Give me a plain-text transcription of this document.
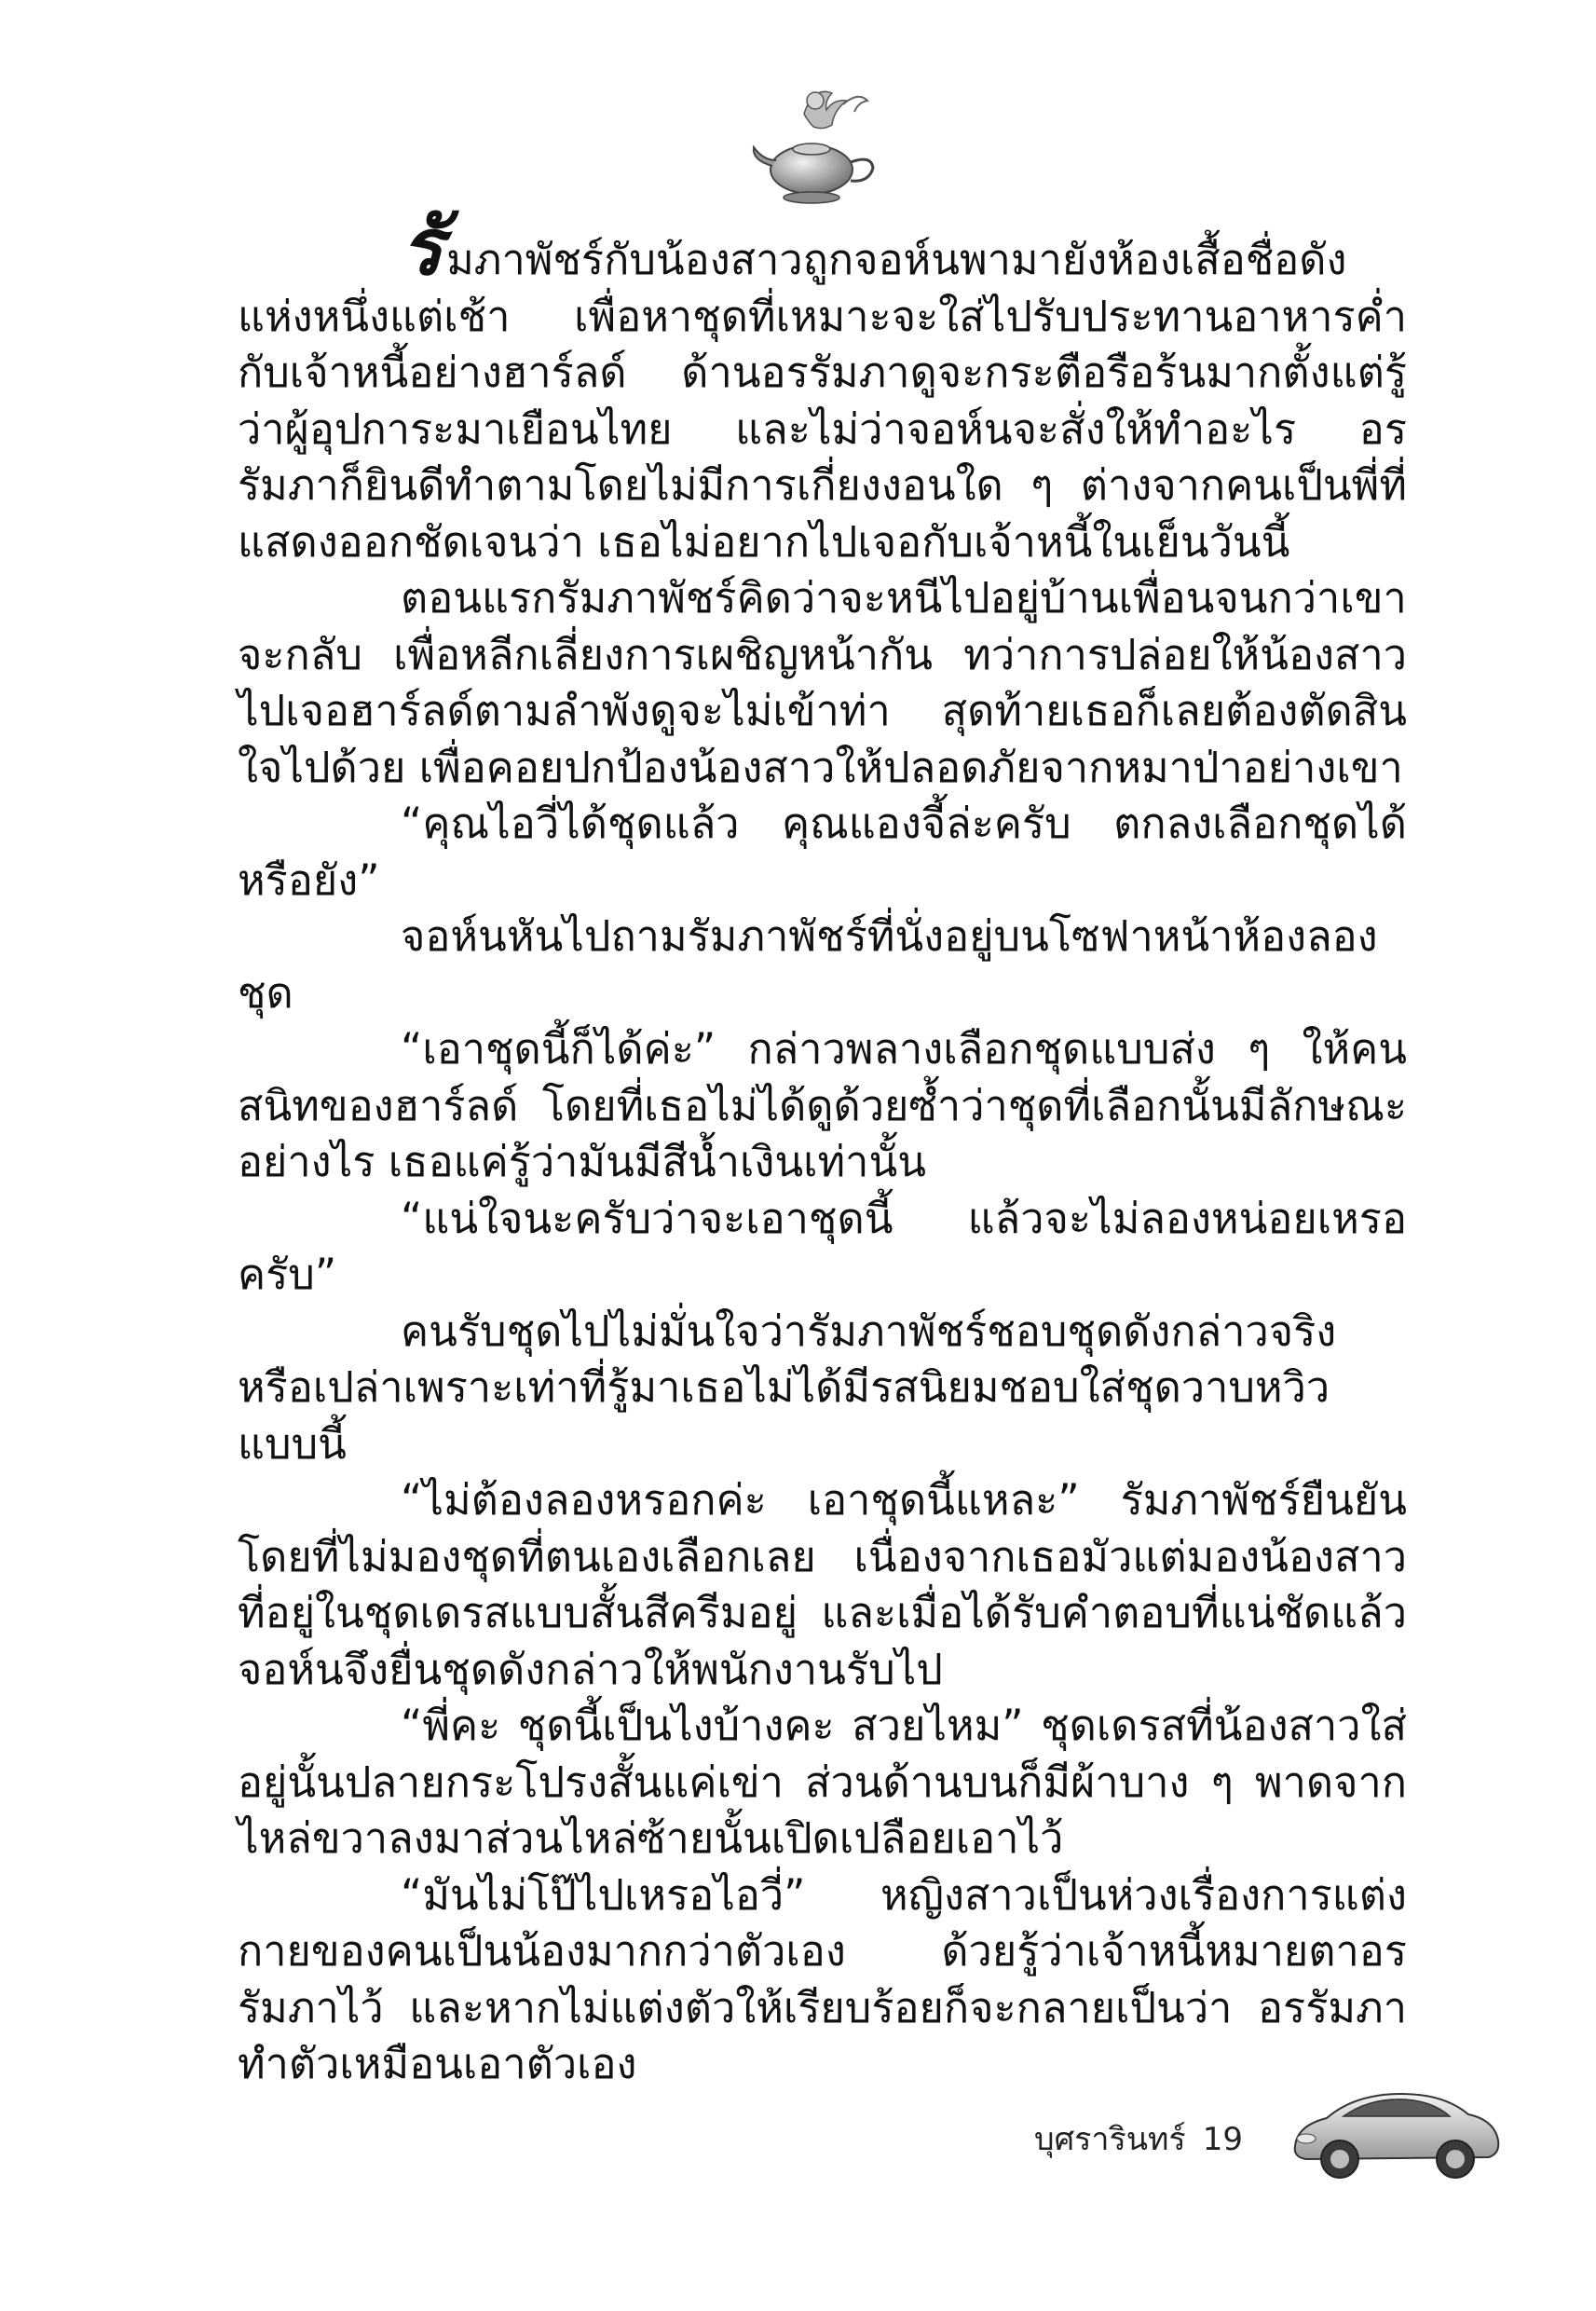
รัมภาพัชร์กับน้องสาวถูกจอห์นพามายังห้องเสื้อชื่อดังแห่งหนึ่งแต่เช้า เพื่อหาชุดที่เหมาะจะใส่ไปรับประทานอาหารค่ำกับเจ้าหนี้อย่างฮาร์ลด์ ด้านอรรัมภาดูจะกระตือรือร้นมากตั้งแต่รู้ว่าผู้อุปการะมาเยือนไทย และไม่ว่าจอห์นจะสั่งให้ทำอะไร อรรัมภาก็ยินดีทำตามโดยไม่มีการเกี่ยงงอนใด ๆ ต่างจากคนเป็นพี่ที่แสดงออกชัดเจนว่า เธอไม่อยากไปเจอกับเจ้าหนี้ในเย็นวันนี้

ตอนแรกรัมภาพัชร์คิดว่าจะหนีไปอยู่บ้านเพื่อนจนกว่าเขาจะกลับ เพื่อหลีกเลี่ยงการเผชิญหน้ากัน ทว่าการปล่อยให้น้องสาวไปเจอฮาร์ลด์ตามลำพังดูจะไม่เข้าท่า สุดท้ายเธอก็เลยต้องตัดสินใจไปด้วย เพื่อคอยปกป้องน้องสาวให้ปลอดภัยจากหมาป่าอย่างเขา

“คุณไอวี่ได้ชุดแล้ว คุณแองจี้ล่ะครับ ตกลงเลือกชุดได้หรือยัง”

จอห์นหันไปถามรัมภาพัชร์ที่นั่งอยู่บนโซฟาหน้าห้องลองชุด

“เอาชุดนี้ก็ได้ค่ะ” กล่าวพลางเลือกชุดแบบส่ง ๆ ให้คนสนิทของฮาร์ลด์ โดยที่เธอไม่ได้ดูด้วยซ้ำว่าชุดที่เลือกนั้นมีลักษณะอย่างไร เธอแค่รู้ว่ามันมีสีน้ำเงินเท่านั้น

“แน่ใจนะครับว่าจะเอาชุดนี้ แล้วจะไม่ลองหน่อยเหรอครับ”

คนรับชุดไปไม่มั่นใจว่ารัมภาพัชร์ชอบชุดดังกล่าวจริงหรือเปล่าเพราะเท่าที่รู้มาเธอไม่ได้มีรสนิยมชอบใส่ชุดวาบหวิวแบบนี้

“ไม่ต้องลองหรอกค่ะ เอาชุดนี้แหละ” รัมภาพัชร์ยืนยันโดยที่ไม่มองชุดที่ตนเองเลือกเลย เนื่องจากเธอมัวแต่มองน้องสาวที่อยู่ในชุดเดรสแบบสั้นสีครีมอยู่ และเมื่อได้รับคำตอบที่แน่ชัดแล้ว จอห์นจึงยื่นชุดดังกล่าวให้พนักงานรับไป

“พี่คะ ชุดนี้เป็นไงบ้างคะ สวยไหม” ชุดเดรสที่น้องสาวใส่อยู่นั้นปลายกระโปรงสั้นแค่เข่า ส่วนด้านบนก็มีผ้าบาง ๆ พาดจากไหล่ขวาลงมาส่วนไหล่ซ้ายนั้นเปิดเปลือยเอาไว้

“มันไม่โป๊ไปเหรอไอวี่” หญิงสาวเป็นห่วงเรื่องการแต่งกายของคนเป็นน้องมากกว่าตัวเอง ด้วยรู้ว่าเจ้าหนี้หมายตาอรรัมภาไว้ และหากไม่แต่งตัวให้เรียบร้อยก็จะกลายเป็นว่า อรรัมภาทำตัวเหมือนเอาตัวเอง

บุศรารินทร์ 19
